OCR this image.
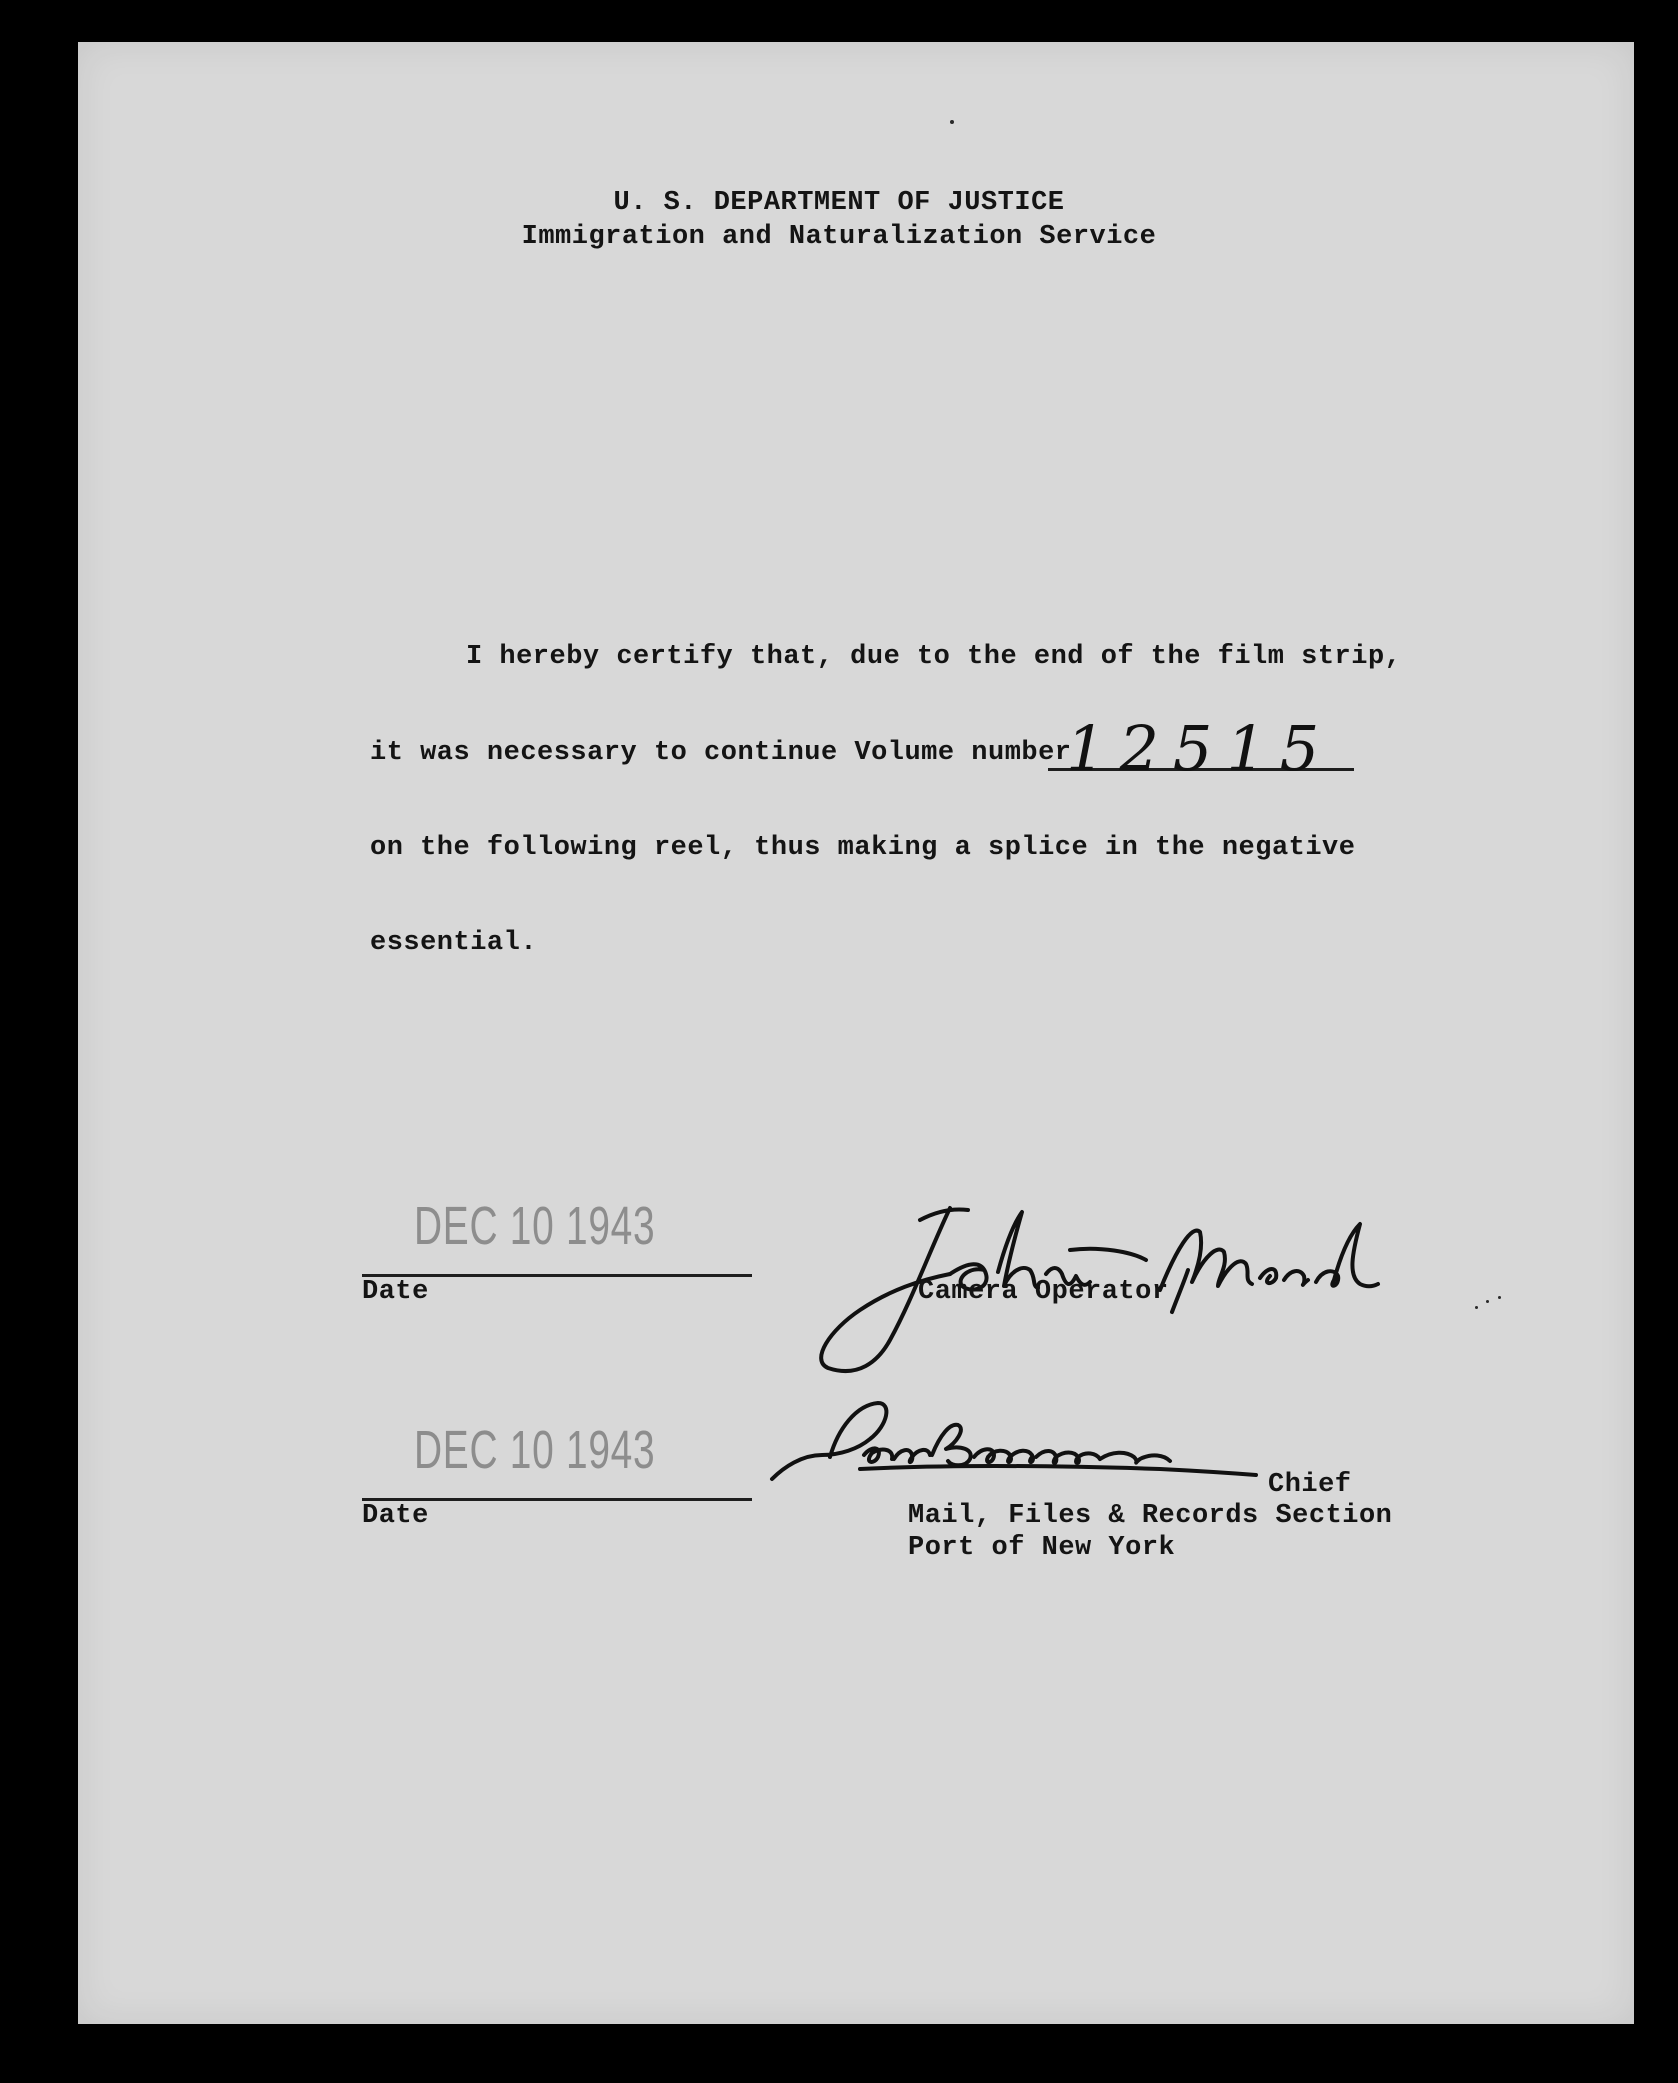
U. S. DEPARTMENT OF JUSTICE
Immigration and Naturalization Service
I hereby certify that, due to the end of the film strip,
it was necessary to continue Volume number
12515
on the following reel, thus making a splice in the negative
essential.
DEC 10 1943
Date	Camera Operator
DEC 10 1943
Date
Chief
Mail, Files & Records Section
Port of New York
